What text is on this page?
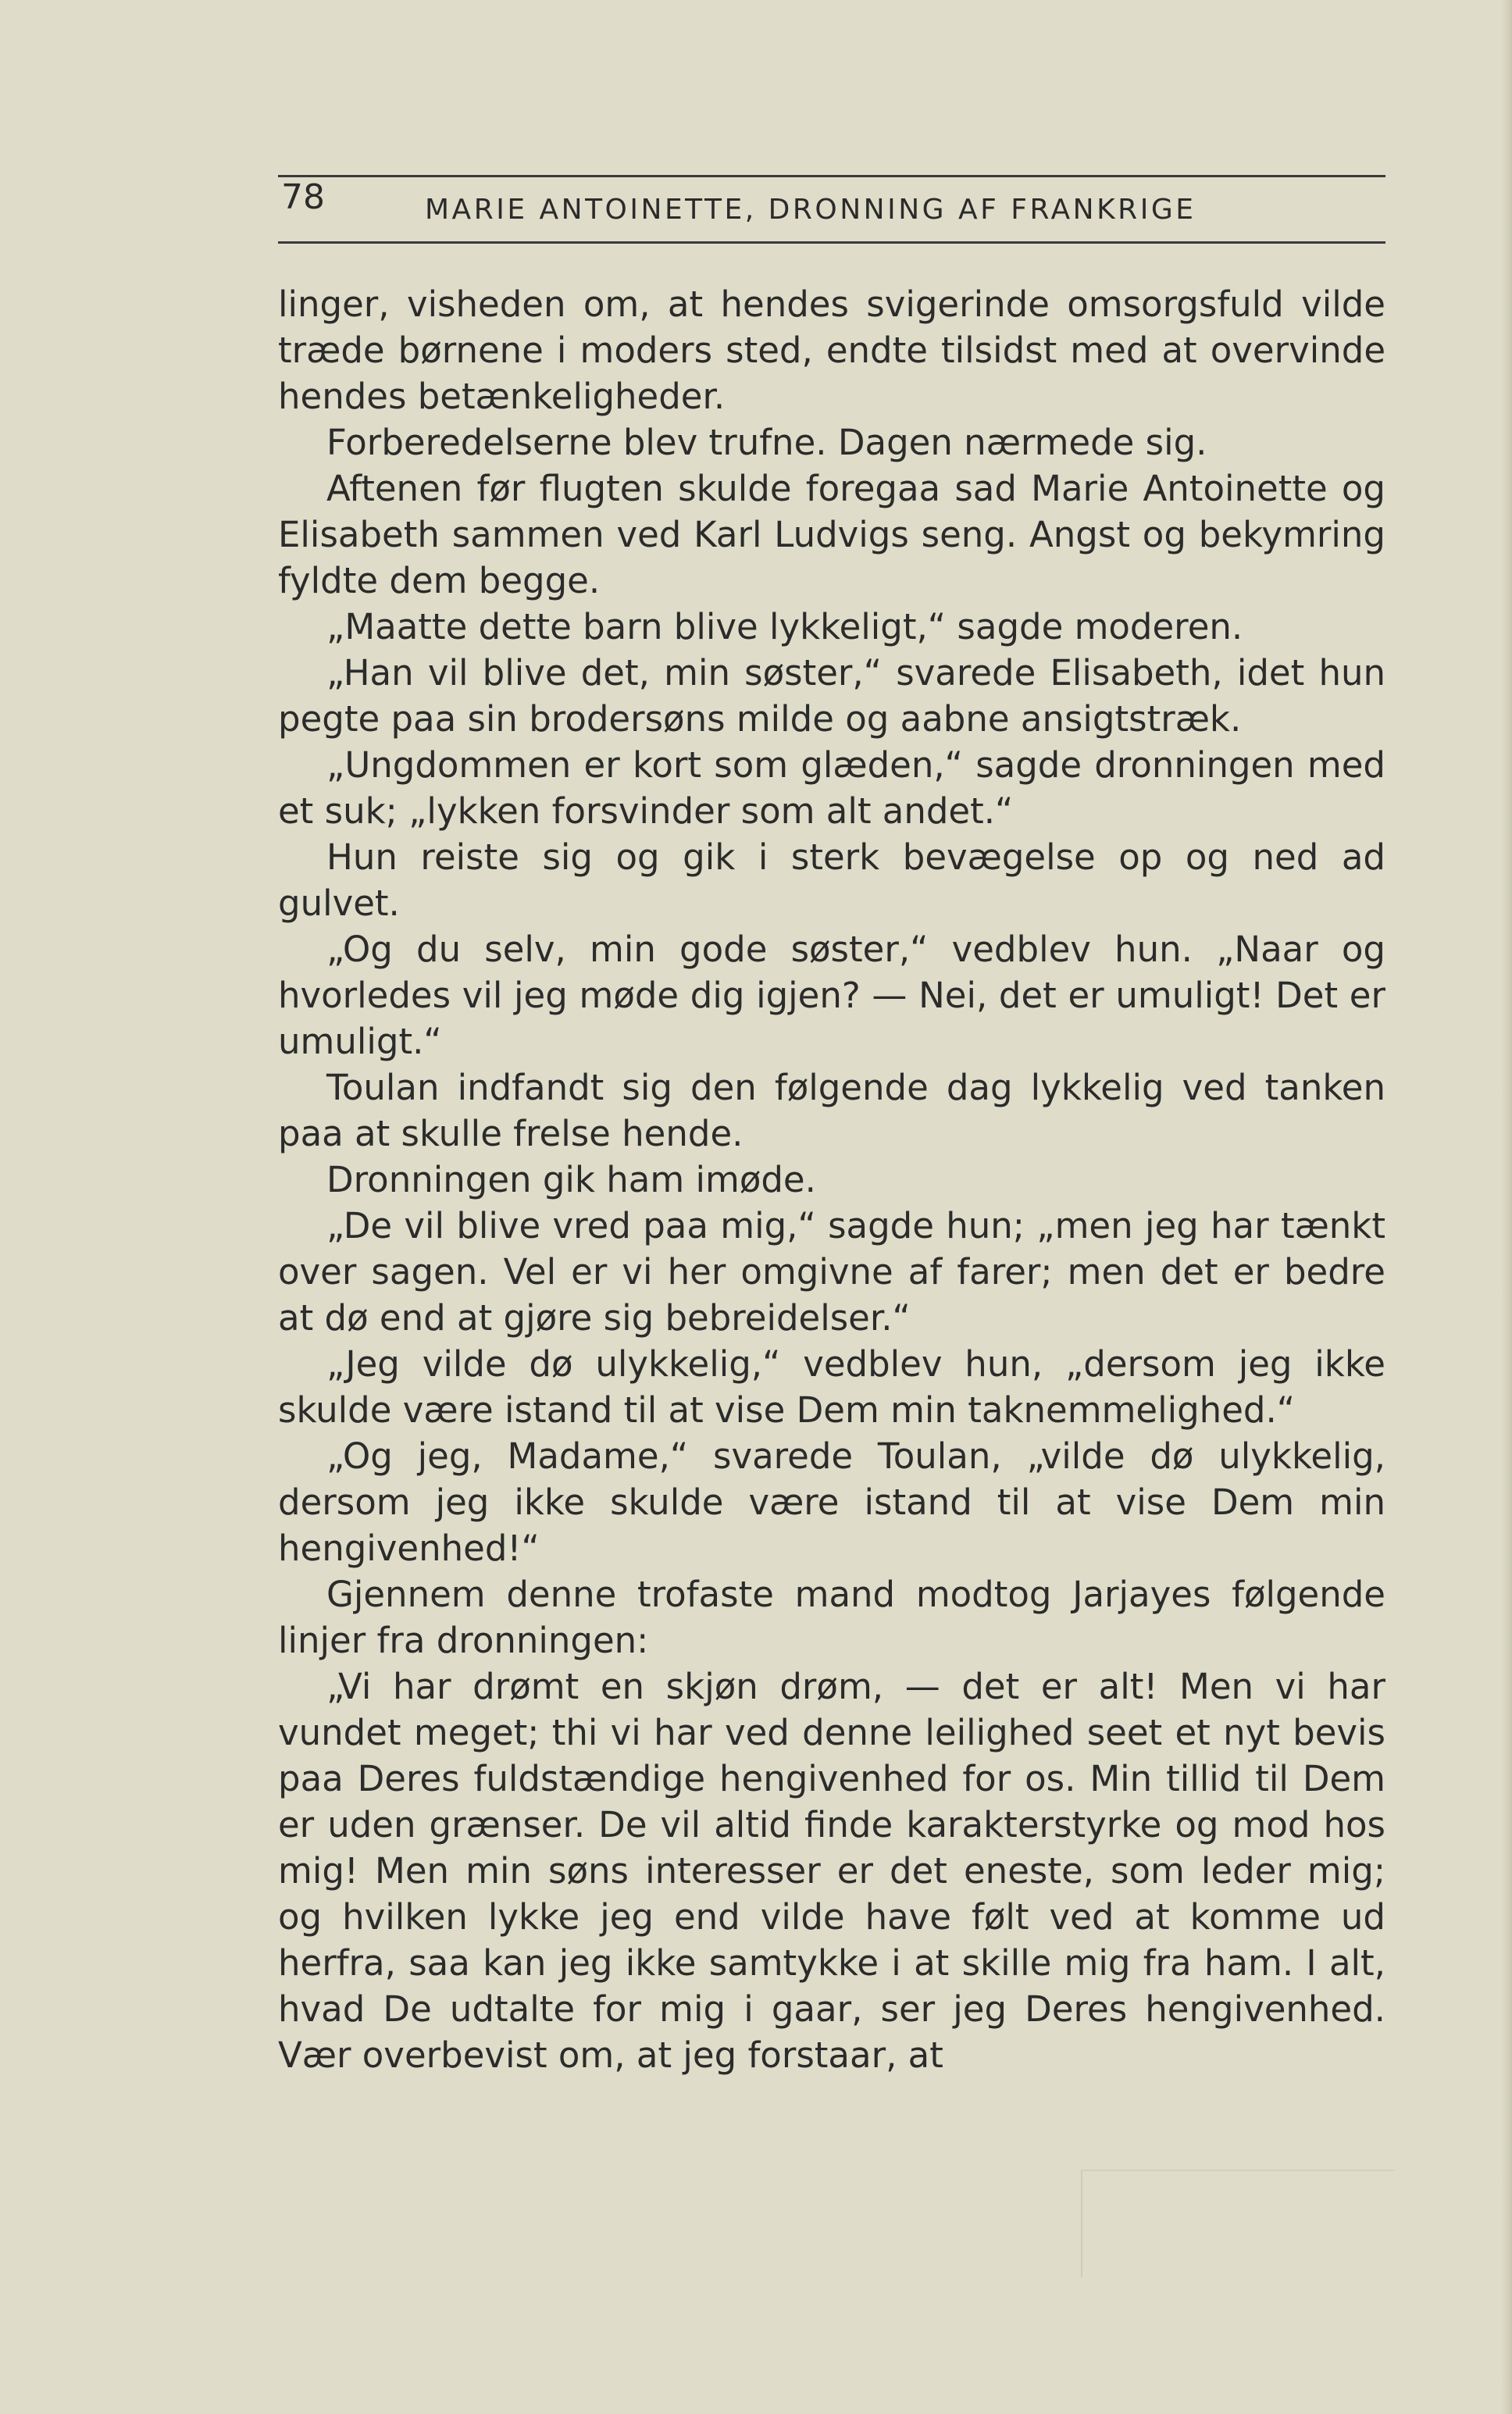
78	MARIE ANTOINETTE, DRONNING AF FRANKRIGE

linger, visheden om, at hendes svigerinde omsorgsfuld vilde træde børnene i moders sted, endte tilsidst med at overvinde hendes betænkeligheder.

Forberedelserne blev trufne. Dagen nærmede sig.

Aftenen før flugten skulde foregaa sad Marie Antoinette og Elisabeth sammen ved Karl Ludvigs seng. Angst og bekymring fyldte dem begge.

„Maatte dette barn blive lykkeligt,“ sagde moderen.

„Han vil blive det, min søster,“ svarede Elisabeth, idet hun pegte paa sin brodersøns milde og aabne ansigtstræk.

„Ungdommen er kort som glæden,“ sagde dronningen med et suk; „lykken forsvinder som alt andet.“

Hun reiste sig og gik i sterk bevægelse op og ned ad gulvet.

„Og du selv, min gode søster,“ vedblev hun. „Naar og hvorledes vil jeg møde dig igjen? — Nei, det er umuligt! Det er umuligt.“

Toulan indfandt sig den følgende dag lykkelig ved tanken paa at skulle frelse hende.

Dronningen gik ham imøde.

„De vil blive vred paa mig,“ sagde hun; „men jeg har tænkt over sagen. Vel er vi her omgivne af farer; men det er bedre at dø end at gjøre sig bebreidelser.“

„Jeg vilde dø ulykkelig,“ vedblev hun, „dersom jeg ikke skulde være istand til at vise Dem min taknemmelighed.“

„Og jeg, Madame,“ svarede Toulan, „vilde dø ulykkelig, dersom jeg ikke skulde være istand til at vise Dem min hengivenhed!“

Gjennem denne trofaste mand modtog Jarjayes følgende linjer fra dronningen:

„Vi har drømt en skjøn drøm, — det er alt! Men vi har vundet meget; thi vi har ved denne leilighed seet et nyt bevis paa Deres fuldstændige hengivenhed for os. Min tillid til Dem er uden grænser. De vil altid finde karakterstyrke og mod hos mig! Men min søns interesser er det eneste, som leder mig; og hvilken lykke jeg end vilde have følt ved at komme ud herfra, saa kan jeg ikke samtykke i at skille mig fra ham. I alt, hvad De udtalte for mig i gaar, ser jeg Deres hengivenhed. Vær overbevist om, at jeg forstaar, at
